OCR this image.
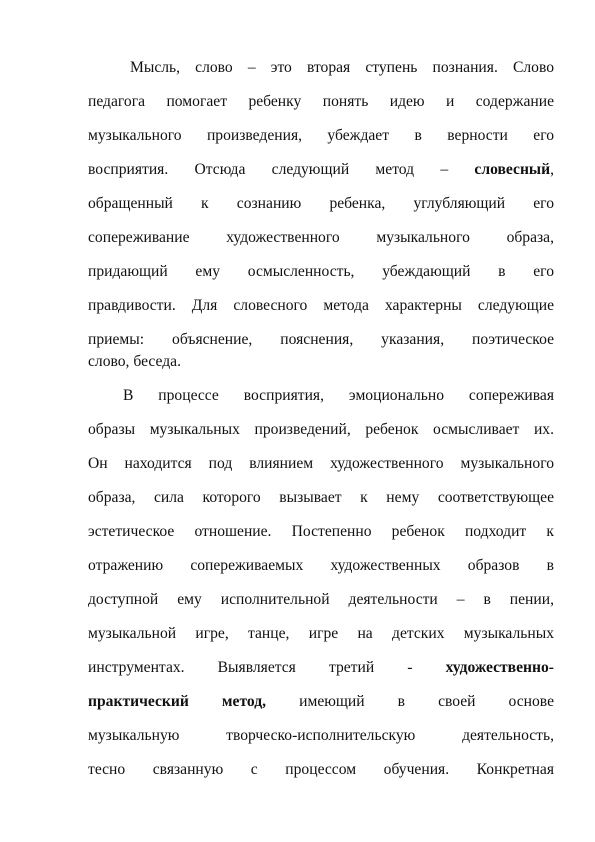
Мысль, слово – это вторая ступень познания. Слово
педагога помогает ребенку понять идею и содержание
музыкального произведения, убеждает в верности его
восприятия. Отсюда следующий метод – словесный,
обращенный к сознанию ребенка, углубляющий его
сопереживание художественного музыкального образа,
придающий ему осмысленность, убеждающий в его
правдивости. Для словесного метода характерны следующие
приемы: объяснение, пояснения, указания, поэтическое
слово, беседа.
В процессе восприятия, эмоционально сопереживая
образы музыкальных произведений, ребенок осмысливает их.
Он находится под влиянием художественного музыкального
образа, сила которого вызывает к нему соответствующее
эстетическое отношение. Постепенно ребенок подходит к
отражению сопереживаемых художественных образов в
доступной ему исполнительной деятельности – в пении,
музыкальной игре, танце, игре на детских музыкальных
инструментах. Выявляется третий - художественно-
практический метод, имеющий в своей основе
музыкальную творческо-исполнительскую деятельность,
тесно связанную с процессом обучения. Конкретная
